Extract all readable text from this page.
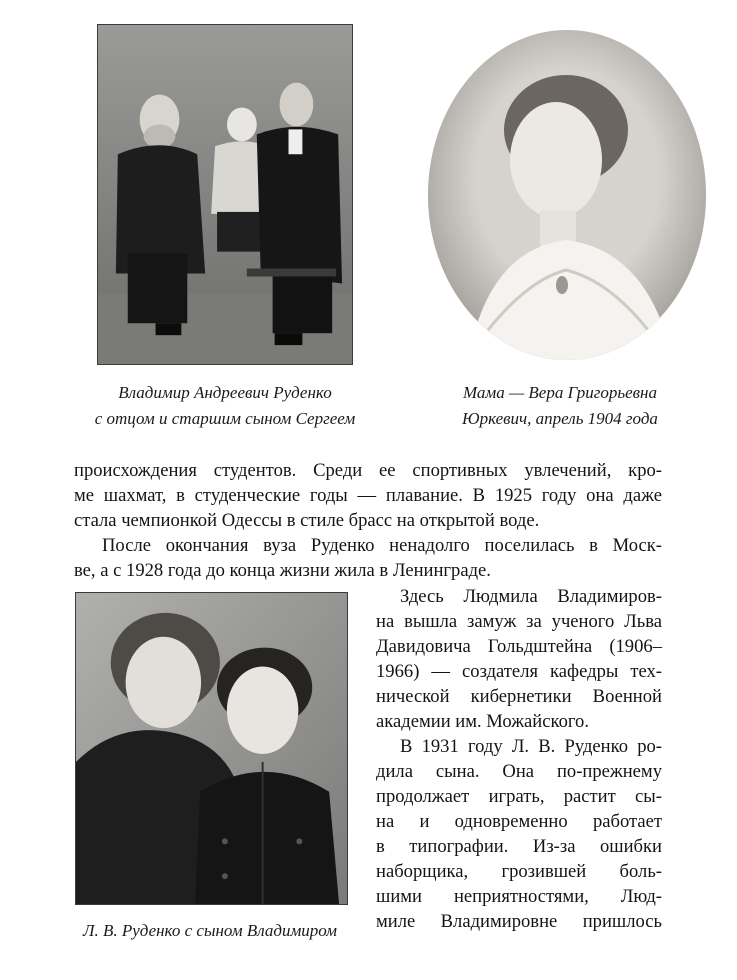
Владимир Андреевич Руденко
с отцом и старшим сыном Сергеем
Мама — Вера Григорьевна
Юркевич, апрель 1904 года
происхождения студентов. Среди ее спортивных увлечений, кро-
ме шахмат, в студенческие годы — плавание. В 1925 году она даже
стала чемпионкой Одессы в стиле брасс на открытой воде.
После окончания вуза Руденко ненадолго поселилась в Моск-
ве, а с 1928 года до конца жизни жила в Ленинграде.
Л. В. Руденко с сыном Владимиром
Здесь Людмила Владимиров-
на вышла замуж за ученого Льва
Давидовича Гольдштейна (1906–
1966) — создателя кафедры тех-
нической кибернетики Военной
академии им. Можайского.
В 1931 году Л. В. Руденко ро-
дила сына. Она по-прежнему
продолжает играть, растит сы-
на и одновременно работает
в типографии. Из-за ошибки
наборщика, грозившей боль-
шими неприятностями, Люд-
миле Владимировне пришлось
